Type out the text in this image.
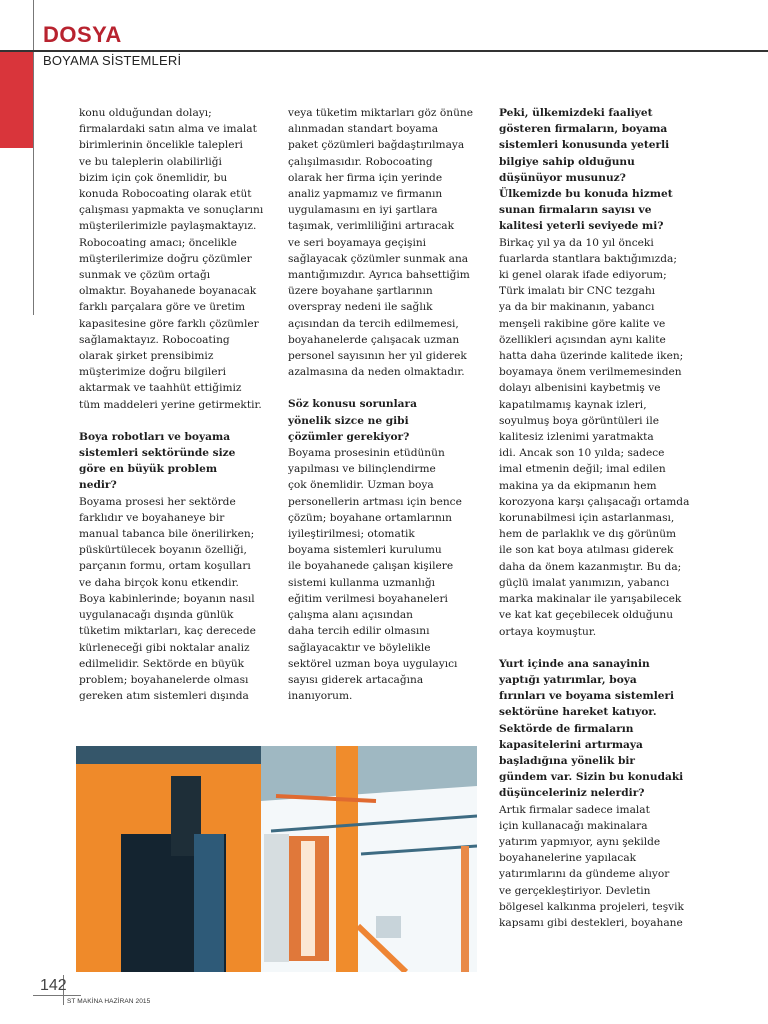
DOSYA
BOYAMA SİSTEMLERİ

konu olduğundan dolayı;

firmalardaki satın alma ve imalat

birimlerinin öncelikle talepleri

ve bu taleplerin olabilirliği

bizim için çok önemlidir, bu

konuda Robocoating olarak etüt

çalışması yapmakta ve sonuçlarını

müşterilerimizle paylaşmaktayız.

Robocoating amacı; öncelikle

müşterilerimize doğru çözümler

sunmak ve çözüm ortağı

olmaktır. Boyahanede boyanacak

farklı parçalara göre ve üretim

kapasitesine göre farklı çözümler

sağlamaktayız. Robocoating

olarak şirket prensibimiz

müşterimize doğru bilgileri

aktarmak ve taahhüt ettiğimiz

tüm maddeleri yerine getirmektir.

Boya robotları ve boyama

sistemleri sektöründe size

göre en büyük problem

nedir?

Boyama prosesi her sektörde

farklıdır ve boyahaneye bir

manual tabanca bile önerilirken;

püskürtülecek boyanın özelliği,

parçanın formu, ortam koşulları

ve daha birçok konu etkendir.

Boya kabinlerinde; boyanın nasıl

uygulanacağı dışında günlük

tüketim miktarları, kaç derecede

kürleneceği gibi noktalar analiz

edilmelidir. Sektörde en büyük

problem; boyahanelerde olması

gereken atım sistemleri dışında

veya tüketim miktarları göz önüne

alınmadan standart boyama

paket çözümleri bağdaştırılmaya

çalışılmasıdır. Robocoating

olarak her firma için yerinde

analiz yapmamız ve firmanın

uygulamasını en iyi şartlara

taşımak, verimliliğini artıracak

ve seri boyamaya geçişini

sağlayacak çözümler sunmak ana

mantığımızdır. Ayrıca bahsettiğim

üzere boyahane şartlarının

overspray nedeni ile sağlık

açısından da tercih edilmemesi,

boyahanelerde çalışacak uzman

personel sayısının her yıl giderek

azalmasına da neden olmaktadır.

Söz konusu sorunlara

yönelik sizce ne gibi

çözümler gerekiyor?

Boyama prosesinin etüdünün

yapılması ve bilinçlendirme

çok önemlidir. Uzman boya

personellerin artması için bence

çözüm; boyahane ortamlarının

iyileştirilmesi; otomatik

boyama sistemleri kurulumu

ile boyahanede çalışan kişilere

sistemi kullanma uzmanlığı

eğitim verilmesi boyahaneleri

çalışma alanı açısından

daha tercih edilir olmasını

sağlayacaktır ve böylelikle

sektörel uzman boya uygulayıcı

sayısı giderek artacağına

inanıyorum.

Peki, ülkemizdeki faaliyet

gösteren firmaların, boyama

sistemleri konusunda yeterli

bilgiye sahip olduğunu

düşünüyor musunuz?

Ülkemizde bu konuda hizmet

sunan firmaların sayısı ve

kalitesi yeterli seviyede mi?

Birkaç yıl ya da 10 yıl önceki

fuarlarda stantlara baktığımızda;

ki genel olarak ifade ediyorum;

Türk imalatı bir CNC tezgahı

ya da bir makinanın, yabancı

menşeli rakibine göre kalite ve

özellikleri açısından aynı kalite

hatta daha üzerinde kalitede iken;

boyamaya önem verilmemesinden

dolayı albenisini kaybetmiş ve

kapatılmamış kaynak izleri,

soyulmuş boya görüntüleri ile

kalitesiz izlenimi yaratmakta

idi. Ancak son 10 yılda; sadece

imal etmenin değil; imal edilen

makina ya da ekipmanın hem

korozyona karşı çalışacağı ortamda

korunabilmesi için astarlanması,

hem de parlaklık ve dış görünüm

ile son kat boya atılması giderek

daha da önem kazanmıştır. Bu da;

güçlü imalat yanımızın, yabancı

marka makinalar ile yarışabilecek

ve kat kat geçebilecek olduğunu

ortaya koymuştur.

Yurt içinde ana sanayinin

yaptığı yatırımlar, boya

fırınları ve boyama sistemleri

sektörüne hareket katıyor.

Sektörde de firmaların

kapasitelerini artırmaya

başladığına yönelik bir

gündem var. Sizin bu konudaki

düşünceleriniz nelerdir?

Artık firmalar sadece imalat

için kullanacağı makinalara

yatırım yapmıyor, aynı şekilde

boyahanelerine yapılacak

yatırımlarını da gündeme alıyor

ve gerçekleştiriyor. Devletin

bölgesel kalkınma projeleri, teşvik

kapsamı gibi destekleri, boyahane

142
ST MAKİNA HAZİRAN 2015
